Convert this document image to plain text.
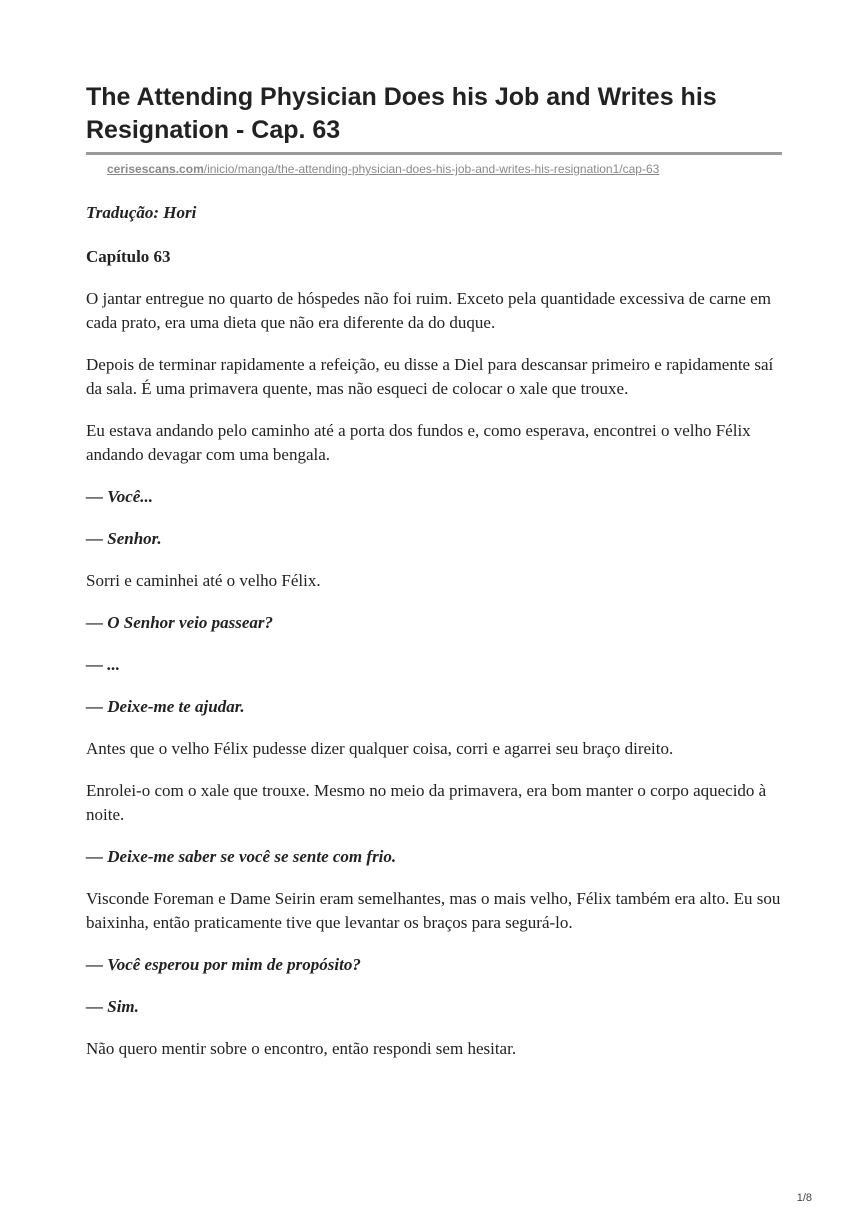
The Attending Physician Does his Job and Writes his Resignation - Cap. 63
cerisescans.com/inicio/manga/the-attending-physician-does-his-job-and-writes-his-resignation1/cap-63

Tradução: Hori

Capítulo 63

O jantar entregue no quarto de hóspedes não foi ruim. Exceto pela quantidade excessiva de carne em cada prato, era uma dieta que não era diferente da do duque.

Depois de terminar rapidamente a refeição, eu disse a Diel para descansar primeiro e rapidamente saí da sala. É uma primavera quente, mas não esqueci de colocar o xale que trouxe.

Eu estava andando pelo caminho até a porta dos fundos e, como esperava, encontrei o velho Félix andando devagar com uma bengala.

— Você...

— Senhor.

Sorri e caminhei até o velho Félix.

— O Senhor veio passear?

— ...

— Deixe-me te ajudar.

Antes que o velho Félix pudesse dizer qualquer coisa, corri e agarrei seu braço direito.

Enrolei-o com o xale que trouxe. Mesmo no meio da primavera, era bom manter o corpo aquecido à noite.

— Deixe-me saber se você se sente com frio.

Visconde Foreman e Dame Seirin eram semelhantes, mas o mais velho, Félix também era alto. Eu sou baixinha, então praticamente tive que levantar os braços para segurá-lo.

— Você esperou por mim de propósito?

— Sim.

Não quero mentir sobre o encontro, então respondi sem hesitar.

1/8
